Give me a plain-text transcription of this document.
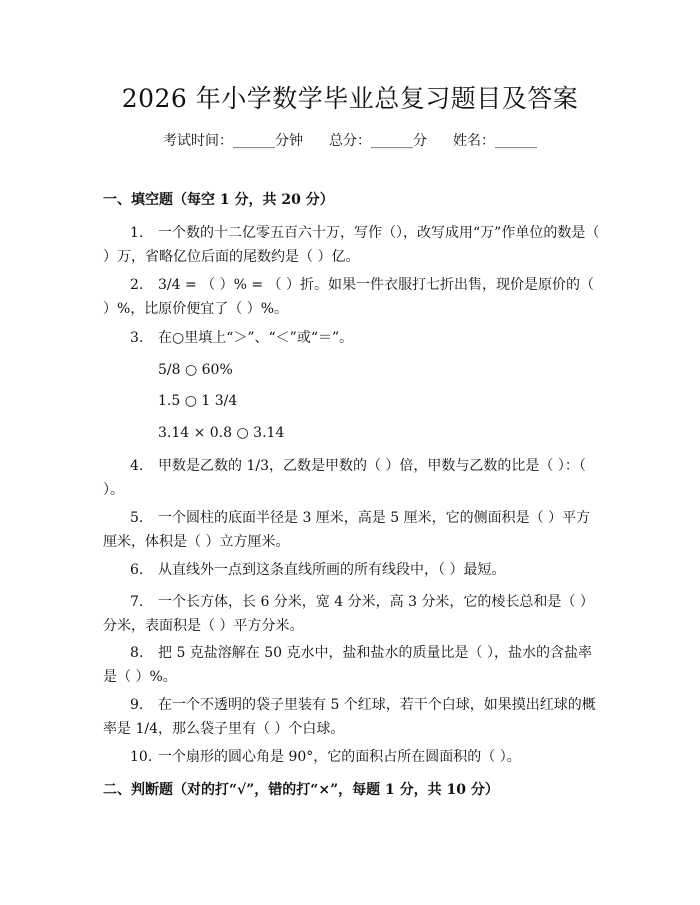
2026 年小学数学毕业总复习题目及答案
考试时间：______分钟 总分：______分 姓名：______
一、填空题（每空 1 分，共 20 分）
1. 一个数的十二亿零五百六十万，写作（），改写成用“万”作单位的数是（ ）万，省略亿位后面的尾数约是（ ）亿。
2. 3/4 = （ ）% = （ ）折。如果一件衣服打七折出售，现价是原价的（ ）%，比原价便宜了（ ）%。
3. 在○里填上“＞”、“＜”或“＝”。
5/8 ○ 60%
1.5 ○ 1 3/4
3.14 × 0.8 ○ 3.14
4. 甲数是乙数的 1/3，乙数是甲数的（ ）倍，甲数与乙数的比是（ ）：（ ）。
5. 一个圆柱的底面半径是 3 厘米，高是 5 厘米，它的侧面积是（ ）平方厘米，体积是（ ）立方厘米。
6. 从直线外一点到这条直线所画的所有线段中，（ ）最短。
7. 一个长方体，长 6 分米，宽 4 分米，高 3 分米，它的棱长总和是（ ）分米，表面积是（ ）平方分米。
8. 把 5 克盐溶解在 50 克水中，盐和盐水的质量比是（ ），盐水的含盐率是（ ）%。
9. 在一个不透明的袋子里装有 5 个红球，若干个白球，如果摸出红球的概率是 1/4，那么袋子里有（ ）个白球。
10. 一个扇形的圆心角是 90°，它的面积占所在圆面积的（ ）。
二、判断题（对的打“√”，错的打“×”，每题 1 分，共 10 分）
